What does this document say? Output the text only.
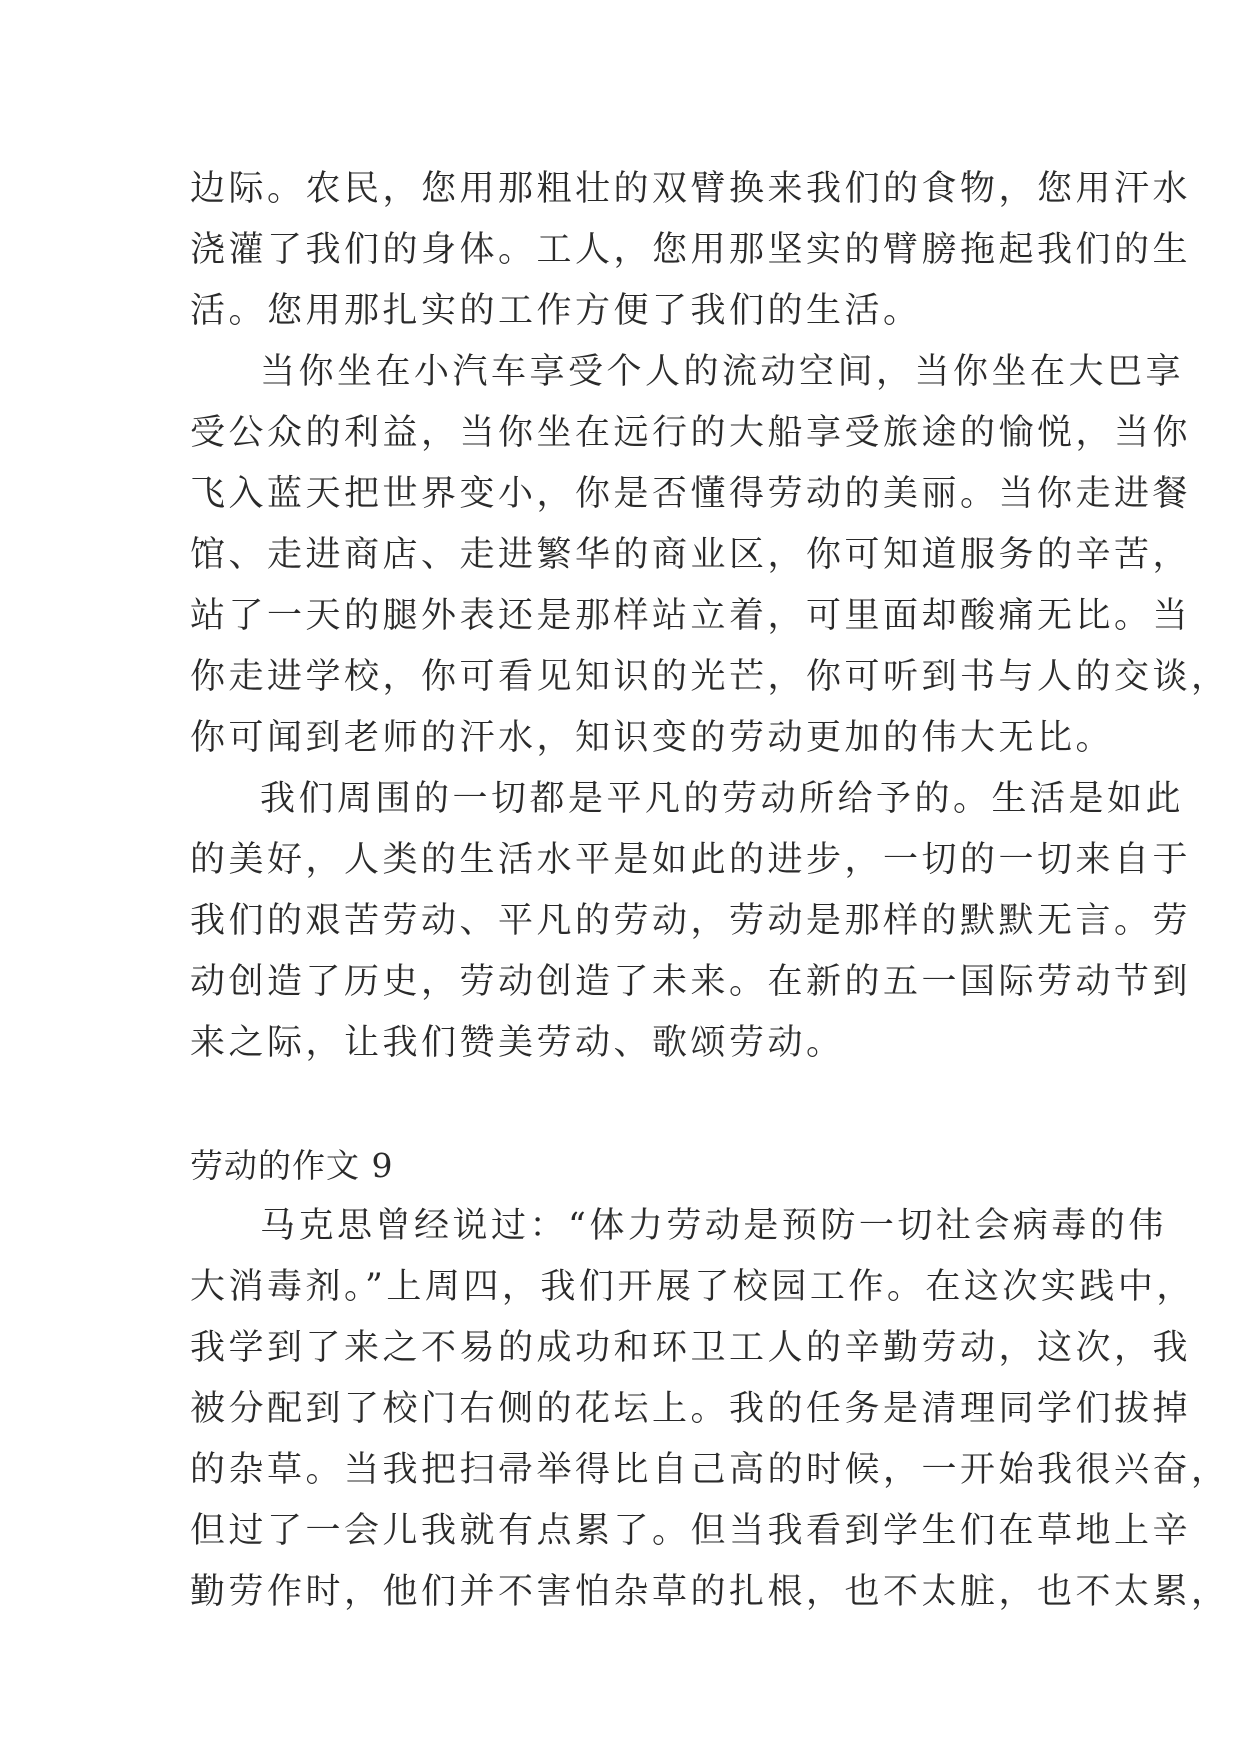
边际。农民，您用那粗壮的双臂换来我们的食物，您用汗水
浇灌了我们的身体。工人，您用那坚实的臂膀拖起我们的生
活。您用那扎实的工作方便了我们的生活。
当你坐在小汽车享受个人的流动空间，当你坐在大巴享
受公众的利益，当你坐在远行的大船享受旅途的愉悦，当你
飞入蓝天把世界变小，你是否懂得劳动的美丽。当你走进餐
馆、走进商店、走进繁华的商业区，你可知道服务的辛苦，
站了一天的腿外表还是那样站立着，可里面却酸痛无比。当
你走进学校，你可看见知识的光芒，你可听到书与人的交谈，
你可闻到老师的汗水，知识变的劳动更加的伟大无比。
我们周围的一切都是平凡的劳动所给予的。生活是如此
的美好，人类的生活水平是如此的进步，一切的一切来自于
我们的艰苦劳动、平凡的劳动，劳动是那样的默默无言。劳
动创造了历史，劳动创造了未来。在新的五一国际劳动节到
来之际，让我们赞美劳动、歌颂劳动。
劳动的作文 9
马克思曾经说过：“体力劳动是预防一切社会病毒的伟
大消毒剂。”上周四，我们开展了校园工作。在这次实践中，
我学到了来之不易的成功和环卫工人的辛勤劳动，这次，我
被分配到了校门右侧的花坛上。我的任务是清理同学们拔掉
的杂草。当我把扫帚举得比自己高的时候，一开始我很兴奋，
但过了一会儿我就有点累了。但当我看到学生们在草地上辛
勤劳作时，他们并不害怕杂草的扎根，也不太脏，也不太累，
